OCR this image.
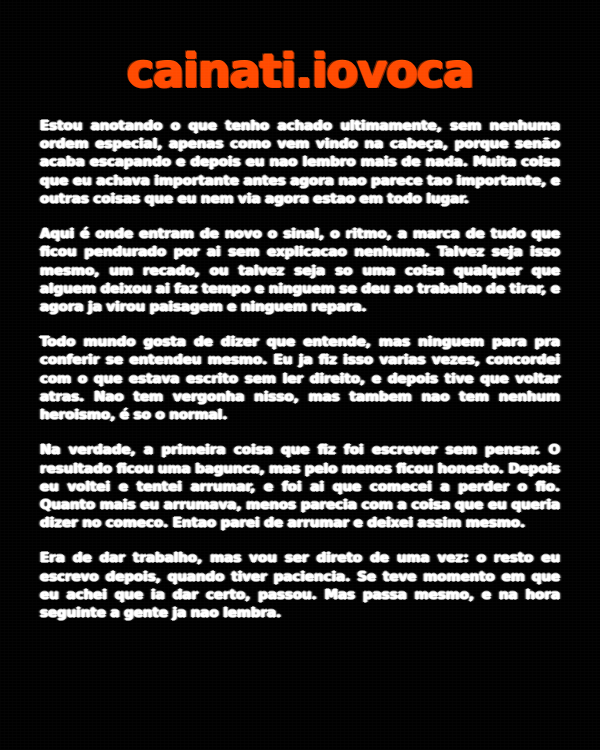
cainati.iovoca

Estou anotando o que tenho achado ultimamente, sem nenhuma ordem especial, apenas como vem vindo na cabeça, porque senão acaba escapando e depois eu nao lembro mais de nada. Muita coisa que eu achava importante antes agora nao parece tao importante, e outras coisas que eu nem via agora estao em todo lugar.

Aqui é onde entram de novo o sinal, o ritmo, a marca de tudo que ficou pendurado por ai sem explicacao nenhuma. Talvez seja isso mesmo, um recado, ou talvez seja so uma coisa qualquer que alguem deixou ai faz tempo e ninguem se deu ao trabalho de tirar, e agora ja virou paisagem e ninguem repara.

Todo mundo gosta de dizer que entende, mas ninguem para pra conferir se entendeu mesmo. Eu ja fiz isso varias vezes, concordei com o que estava escrito sem ler direito, e depois tive que voltar atras. Nao tem vergonha nisso, mas tambem nao tem nenhum heroismo, é so o normal.

Na verdade, a primeira coisa que fiz foi escrever sem pensar. O resultado ficou uma bagunca, mas pelo menos ficou honesto. Depois eu voltei e tentei arrumar, e foi ai que comecei a perder o fio. Quanto mais eu arrumava, menos parecia com a coisa que eu queria dizer no comeco. Entao parei de arrumar e deixei assim mesmo.

Era de dar trabalho, mas vou ser direto de uma vez: o resto eu escrevo depois, quando tiver paciencia. Se teve momento em que eu achei que ia dar certo, passou. Mas passa mesmo, e na hora seguinte a gente ja nao lembra.
